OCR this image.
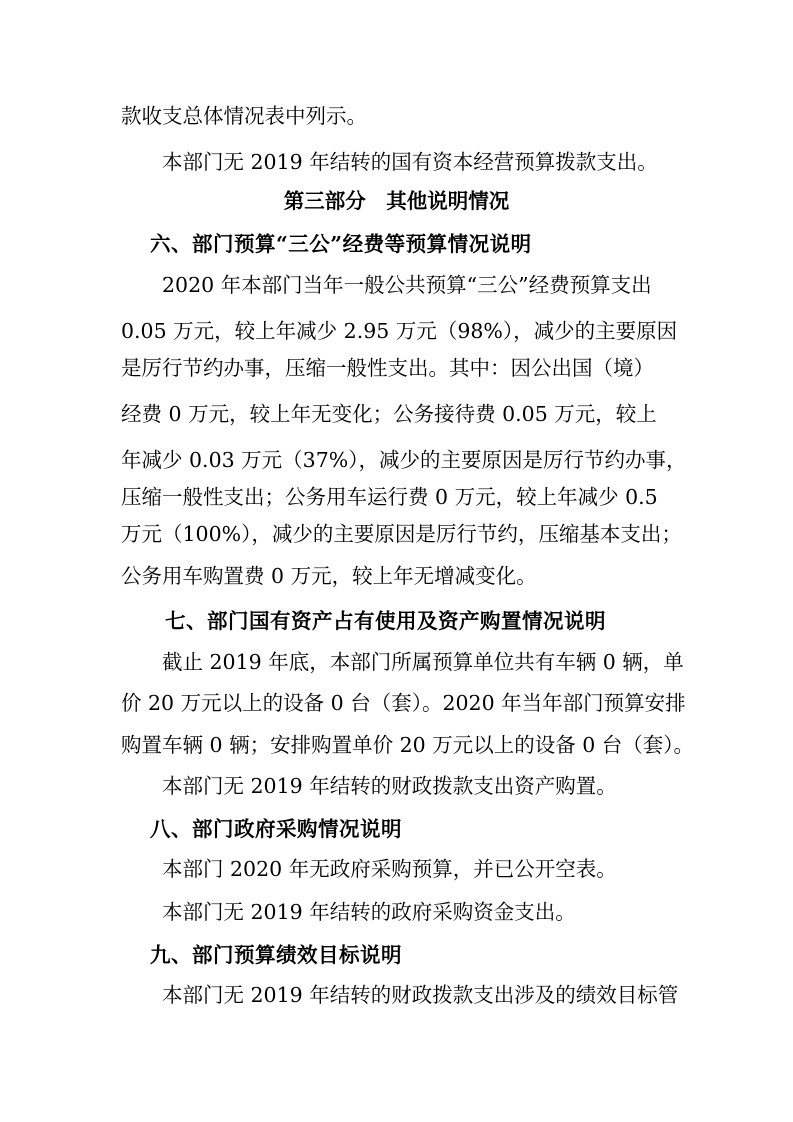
款收支总体情况表中列示。
本部门无 2019 年结转的国有资本经营预算拨款支出。
第三部分　其他说明情况
六、部门预算“三公”经费等预算情况说明
2020 年本部门当年一般公共预算“三公”经费预算支出
0.05 万元，较上年减少 2.95 万元（98%），减少的主要原因
是厉行节约办事，压缩一般性支出。其中：因公出国（境）
经费 0 万元，较上年无变化；公务接待费 0.05 万元，较上
年减少 0.03 万元（37%），减少的主要原因是厉行节约办事，
压缩一般性支出；公务用车运行费 0 万元，较上年减少 0.5
万元（100%），减少的主要原因是厉行节约，压缩基本支出；
公务用车购置费 0 万元，较上年无增减变化。
七、部门国有资产占有使用及资产购置情况说明
截止 2019 年底，本部门所属预算单位共有车辆 0 辆，单
价 20 万元以上的设备 0 台（套）。2020 年当年部门预算安排
购置车辆 0 辆；安排购置单价 20 万元以上的设备 0 台（套）。
本部门无 2019 年结转的财政拨款支出资产购置。
八、部门政府采购情况说明
本部门 2020 年无政府采购预算，并已公开空表。
本部门无 2019 年结转的政府采购资金支出。
九、部门预算绩效目标说明
本部门无 2019 年结转的财政拨款支出涉及的绩效目标管
